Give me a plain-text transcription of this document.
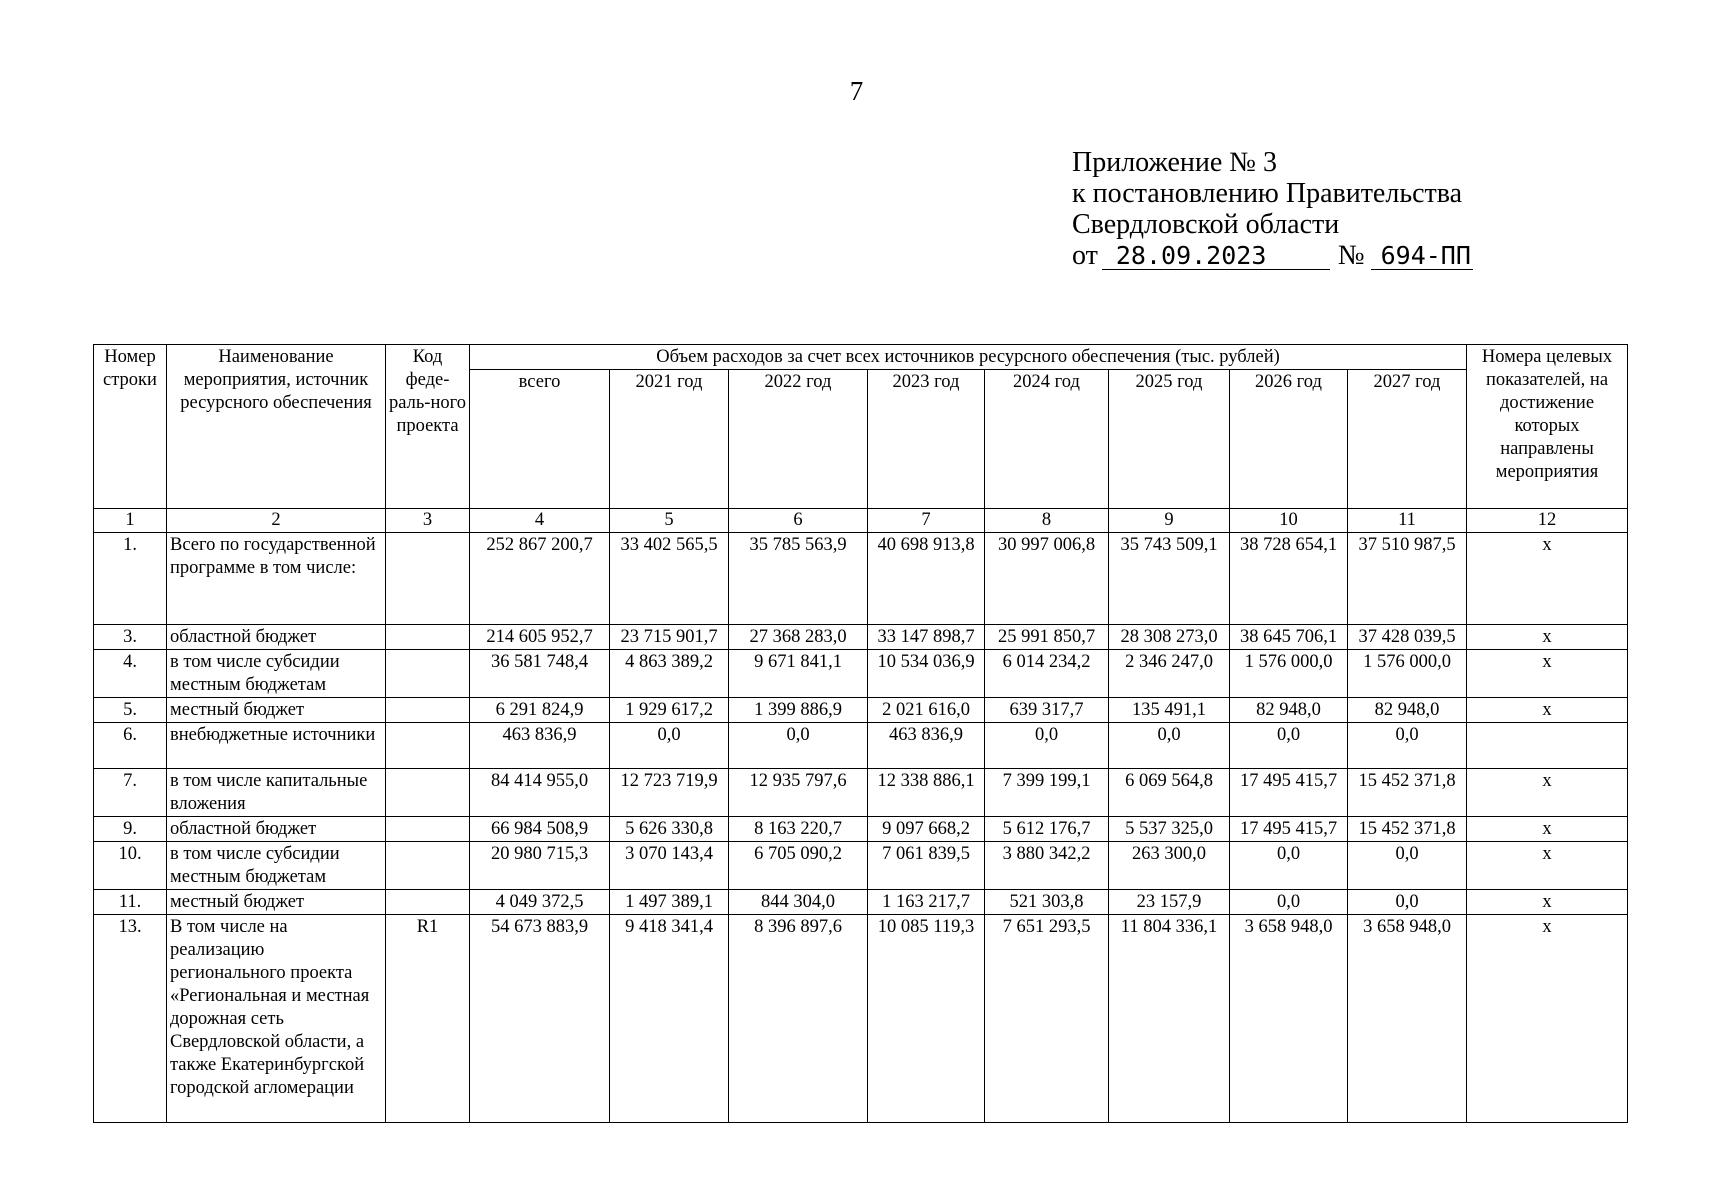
7
Приложение № 3
к постановлению Правительства
Свердловской области
от 28.09.2023	№ 694-ПП
Номер строки	Наименование мероприятия, источник ресурсного обеспечения	Код феде-раль-ного проекта	Объем расходов за счет всех источников ресурсного обеспечения (тыс. рублей)								Номера целевых показателей, на достижение которых направлены мероприятия
			всего	2021 год	2022 год	2023 год	2024 год	2025 год	2026 год	2027 год	
1	2	3	4	5	6	7	8	9	10	11	12
1.	Всего по государственной программе в том числе:		252 867 200,7	33 402 565,5	35 785 563,9	40 698 913,8	30 997 006,8	35 743 509,1	38 728 654,1	37 510 987,5	х
3.	областной бюджет		214 605 952,7	23 715 901,7	27 368 283,0	33 147 898,7	25 991 850,7	28 308 273,0	38 645 706,1	37 428 039,5	х
4.	в том числе субсидии местным бюджетам		36 581 748,4	4 863 389,2	9 671 841,1	10 534 036,9	6 014 234,2	2 346 247,0	1 576 000,0	1 576 000,0	х
5.	местный бюджет		6 291 824,9	1 929 617,2	1 399 886,9	2 021 616,0	639 317,7	135 491,1	82 948,0	82 948,0	х
6.	внебюджетные источники		463 836,9	0,0	0,0	463 836,9	0,0	0,0	0,0	0,0	
7.	в том числе капитальные вложения		84 414 955,0	12 723 719,9	12 935 797,6	12 338 886,1	7 399 199,1	6 069 564,8	17 495 415,7	15 452 371,8	х
9.	областной бюджет		66 984 508,9	5 626 330,8	8 163 220,7	9 097 668,2	5 612 176,7	5 537 325,0	17 495 415,7	15 452 371,8	х
10.	в том числе субсидии местным бюджетам		20 980 715,3	3 070 143,4	6 705 090,2	7 061 839,5	3 880 342,2	263 300,0	0,0	0,0	х
11.	местный бюджет		4 049 372,5	1 497 389,1	844 304,0	1 163 217,7	521 303,8	23 157,9	0,0	0,0	х
13.	В том числе на реализацию регионального проекта «Региональная и местная дорожная сеть Свердловской области, а также Екатеринбургской городской агломерации	R1	54 673 883,9	9 418 341,4	8 396 897,6	10 085 119,3	7 651 293,5	11 804 336,1	3 658 948,0	3 658 948,0	х
